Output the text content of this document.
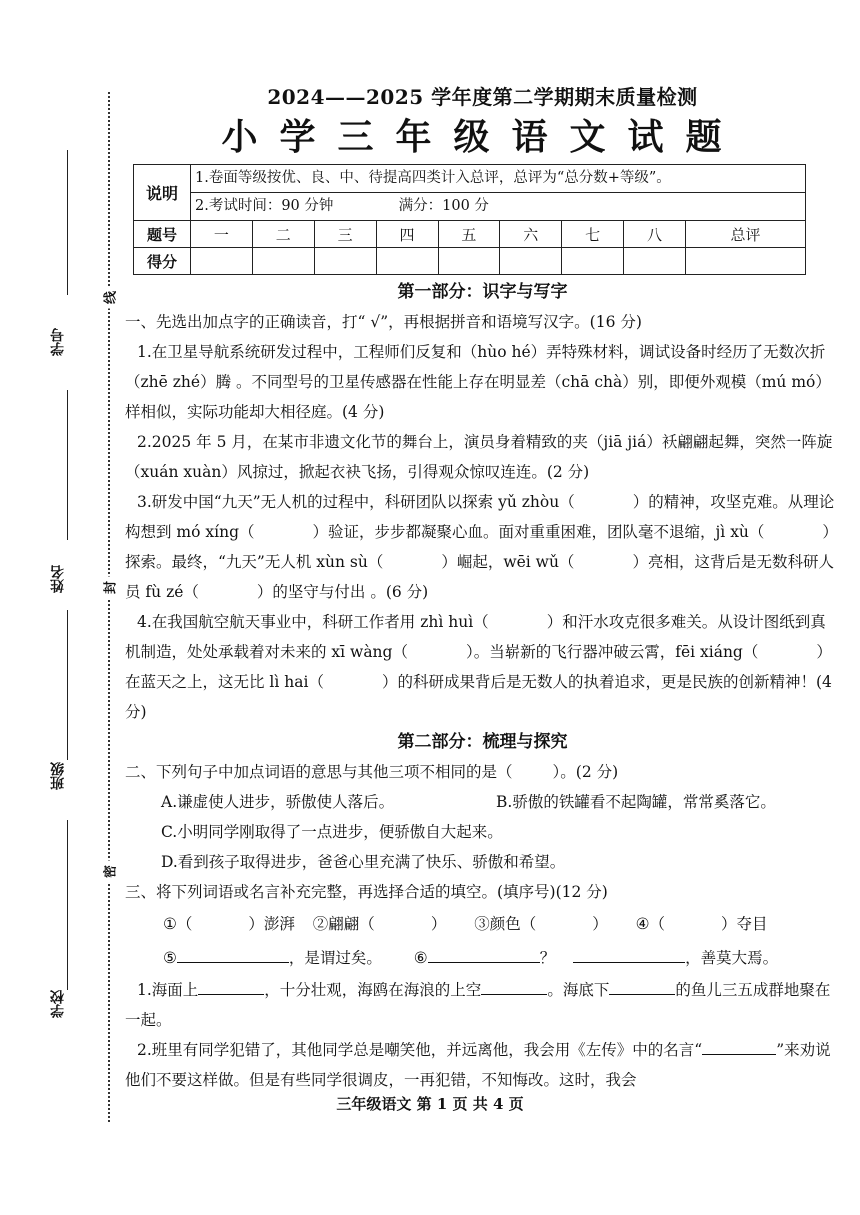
学号
姓名
班级
学校
线
封
密
2024——2025 学年度第二学期期末质量检测
小学三年级语文试题
说明	1.卷面等级按优、良、中、待提高四类计入总评，总评为“总分数+等级”。								
	2.考试时间：90 分钟 满分：100 分								
题号	一	二	三	四	五	六	七	八	总评
得分									
第一部分：识字与写字
一、先选出加点字的正确读音，打“ √”，再根据拼音和语境写汉字。(16 分)
1.在卫星导航系统研发过程中，工程师们反复和（hùo hé）弄特殊材料，调试设备时经历了无数次折（zhē zhé）腾 。不同型号的卫星传感器在性能上存在明显差（chā chà）别，即便外观模（mú mó）样相似，实际功能却大相径庭。(4 分)
2.2025 年 5 月，在某市非遗文化节的舞台上，演员身着精致的夹（jiā jiá）袄翩翩起舞，突然一阵旋（xuán xuàn）风掠过，掀起衣袂飞扬，引得观众惊叹连连。(2 分)
3.研发中国“九天”无人机的过程中，科研团队以探索 yǔ zhòu（	）的精神，攻坚克难。从理论构想到 mó xíng（	）验证，步步都凝聚心血。面对重重困难，团队毫不退缩，jì xù（	）探索。最终，“九天”无人机 xùn sù（	）崛起，wēi wǔ（	）亮相，这背后是无数科研人员 fù zé（	）的坚守与付出 。(6 分)
4.在我国航空航天事业中，科研工作者用 zhì huì（	）和汗水攻克很多难关。从设计图纸到真机制造，处处承载着对未来的 xī wàng（	）。当崭新的飞行器冲破云霄，fēi xiáng（	）在蓝天之上，这无比 lì hai（	）的科研成果背后是无数人的执着追求，更是民族的创新精神！(4 分)
第二部分：梳理与探究
二、下列句子中加点词语的意思与其他三项不相同的是（	）。(2 分)
A.谦虚使人进步，骄傲使人落后。	B.骄傲的铁罐看不起陶罐，常常奚落它。
C.小明同学刚取得了一点进步，便骄傲自大起来。
D.看到孩子取得进步，爸爸心里充满了快乐、骄傲和希望。
三、将下列词语或名言补充完整，再选择合适的填空。(填序号)(12 分)
①（	）澎湃 ②翩翩（	） ③颜色（	） ④（	）夺目
⑤	，是谓过矣。 ⑥	？	，善莫大焉。
1.海面上	，十分壮观，海鸥在海浪的上空	。海底下	的鱼儿三五成群地聚在一起。
2.班里有同学犯错了，其他同学总是嘲笑他，并远离他，我会用《左传》中的名言“	”来劝说他们不要这样做。但是有些同学很调皮，一再犯错，不知悔改。这时，我会
三年级语文 第 1 页 共 4 页
